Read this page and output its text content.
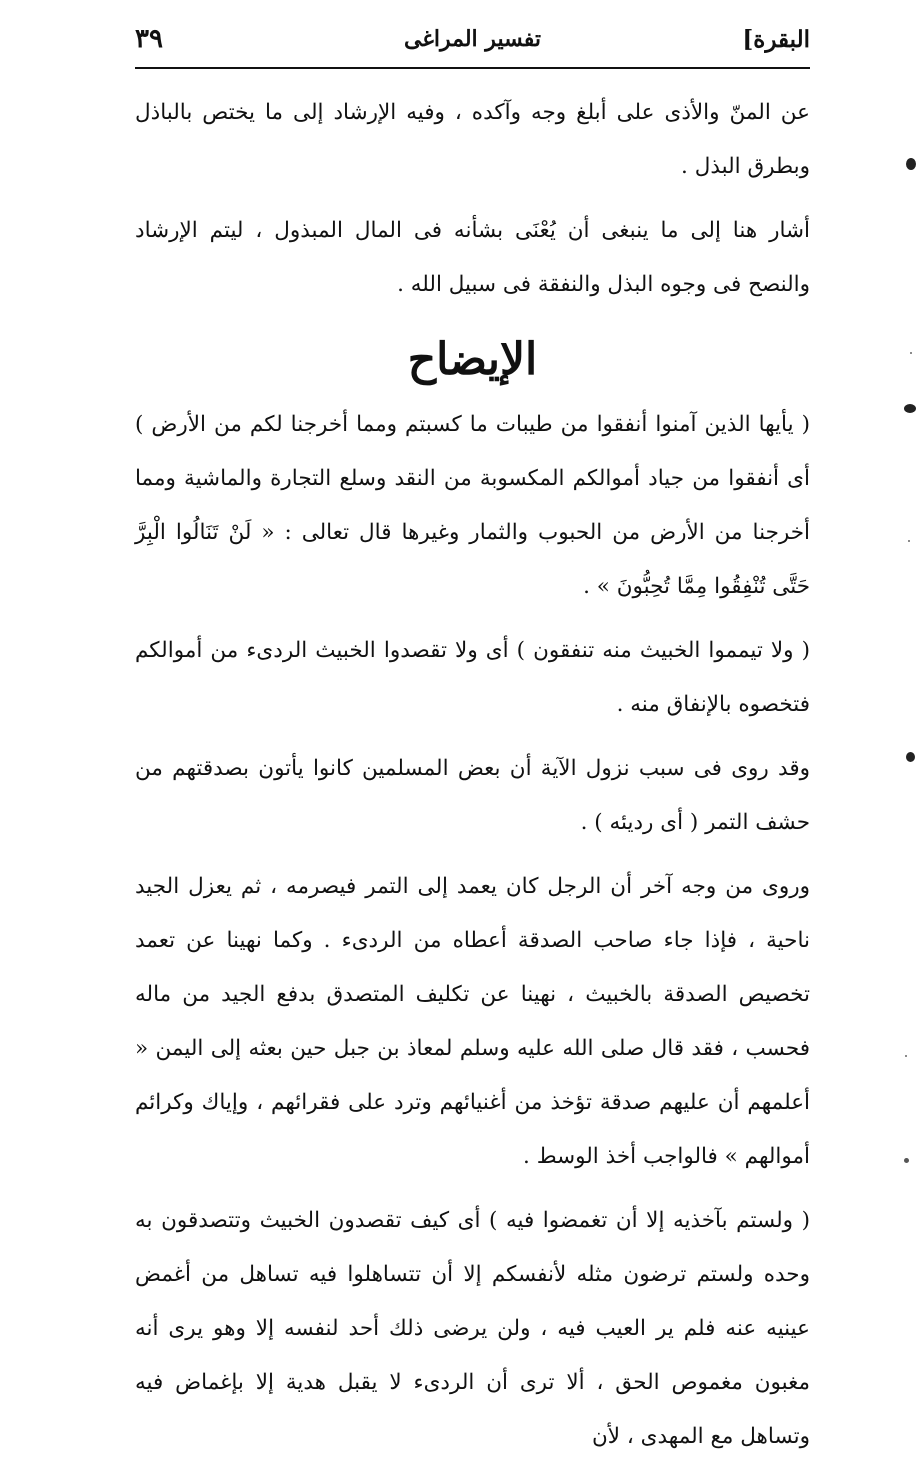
البقرة]
تفسير المراغى
٣٩

عن المنّ والأذى على أبلغ وجه وآكده ، وفيه الإرشاد إلى ما يختص بالباذل وبطرق البذل .

أشار هنا إلى ما ينبغى أن يُعْنَى بشأنه فى المال المبذول ، ليتم الإرشاد والنصح فى وجوه البذل والنفقة فى سبيل الله .

الإيضاح

( يأيها الذين آمنوا أنفقوا من طيبات ما كسبتم ومما أخرجنا لكم من الأرض ) أى أنفقوا من جياد أموالكم المكسوبة من النقد وسلع التجارة والماشية ومما أخرجنا من الأرض من الحبوب والثمار وغيرها قال تعالى : « لَنْ تَنَالُوا الْبِرَّ حَتَّى تُنْفِقُوا مِمَّا تُحِبُّونَ » .

( ولا تيمموا الخبيث منه تنفقون ) أى ولا تقصدوا الخبيث الردىء من أموالكم فتخصوه بالإنفاق منه .

وقد روى فى سبب نزول الآية أن بعض المسلمين كانوا يأتون بصدقتهم من حشف التمر ( أى رديئه ) .

وروى من وجه آخر أن الرجل كان يعمد إلى التمر فيصرمه ، ثم يعزل الجيد ناحية ، فإذا جاء صاحب الصدقة أعطاه من الردىء . وكما نهينا عن تعمد تخصيص الصدقة بالخبيث ، نهينا عن تكليف المتصدق بدفع الجيد من ماله فحسب ، فقد قال صلى الله عليه وسلم لمعاذ بن جبل حين بعثه إلى اليمن « أعلمهم أن عليهم صدقة تؤخذ من أغنيائهم وترد على فقرائهم ، وإياك وكرائم أموالهم » فالواجب أخذ الوسط .

( ولستم بآخذيه إلا أن تغمضوا فيه ) أى كيف تقصدون الخبيث وتتصدقون به وحده ولستم ترضون مثله لأنفسكم إلا أن تتساهلوا فيه تساهل من أغمض عينيه عنه فلم ير العيب فيه ، ولن يرضى ذلك أحد لنفسه إلا وهو يرى أنه مغبون مغموص الحق ، ألا ترى أن الردىء لا يقبل هدية إلا بإغماض فيه وتساهل مع المهدى ، لأن
